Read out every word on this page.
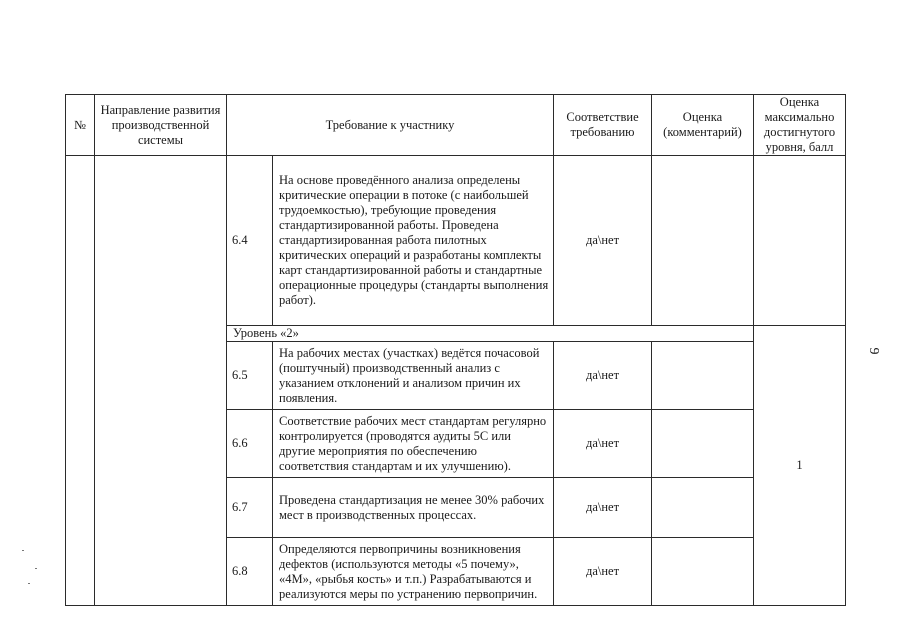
№	Направление развития производственной системы	Требование к участнику		Соответствие требованию	Оценка (комментарий)	Оценка максимально достигнутого уровня, балл
		6.4	На основе проведённого анализа определены критические операции в потоке (с наибольшей трудоемкостью), требующие проведения стандартизированной работы. Проведена стандартизированная работа пилотных критических операций и разработаны комплекты карт стандартизированной работы и стандартные операционные процедуры (стандарты выполнения работ).	да\нет		
		Уровень «2»				1
		6.5	На рабочих местах (участках) ведётся почасовой (поштучный) производственный анализ с указанием отклонений и анализом причин их появления.	да\нет		
		6.6	Соответствие рабочих мест стандартам регулярно контролируется (проводятся аудиты 5С или другие мероприятия по обеспечению соответствия стандартам и их улучшению).	да\нет		
		6.7	Проведена стандартизация не менее 30% рабочих мест в производственных процессах.	да\нет		
		6.8	Определяются первопричины возникновения дефектов (используются методы «5 почему», «4М», «рыбья кость» и т.п.) Разрабатываются и реализуются меры по устранению первопричин.	да\нет		
9
